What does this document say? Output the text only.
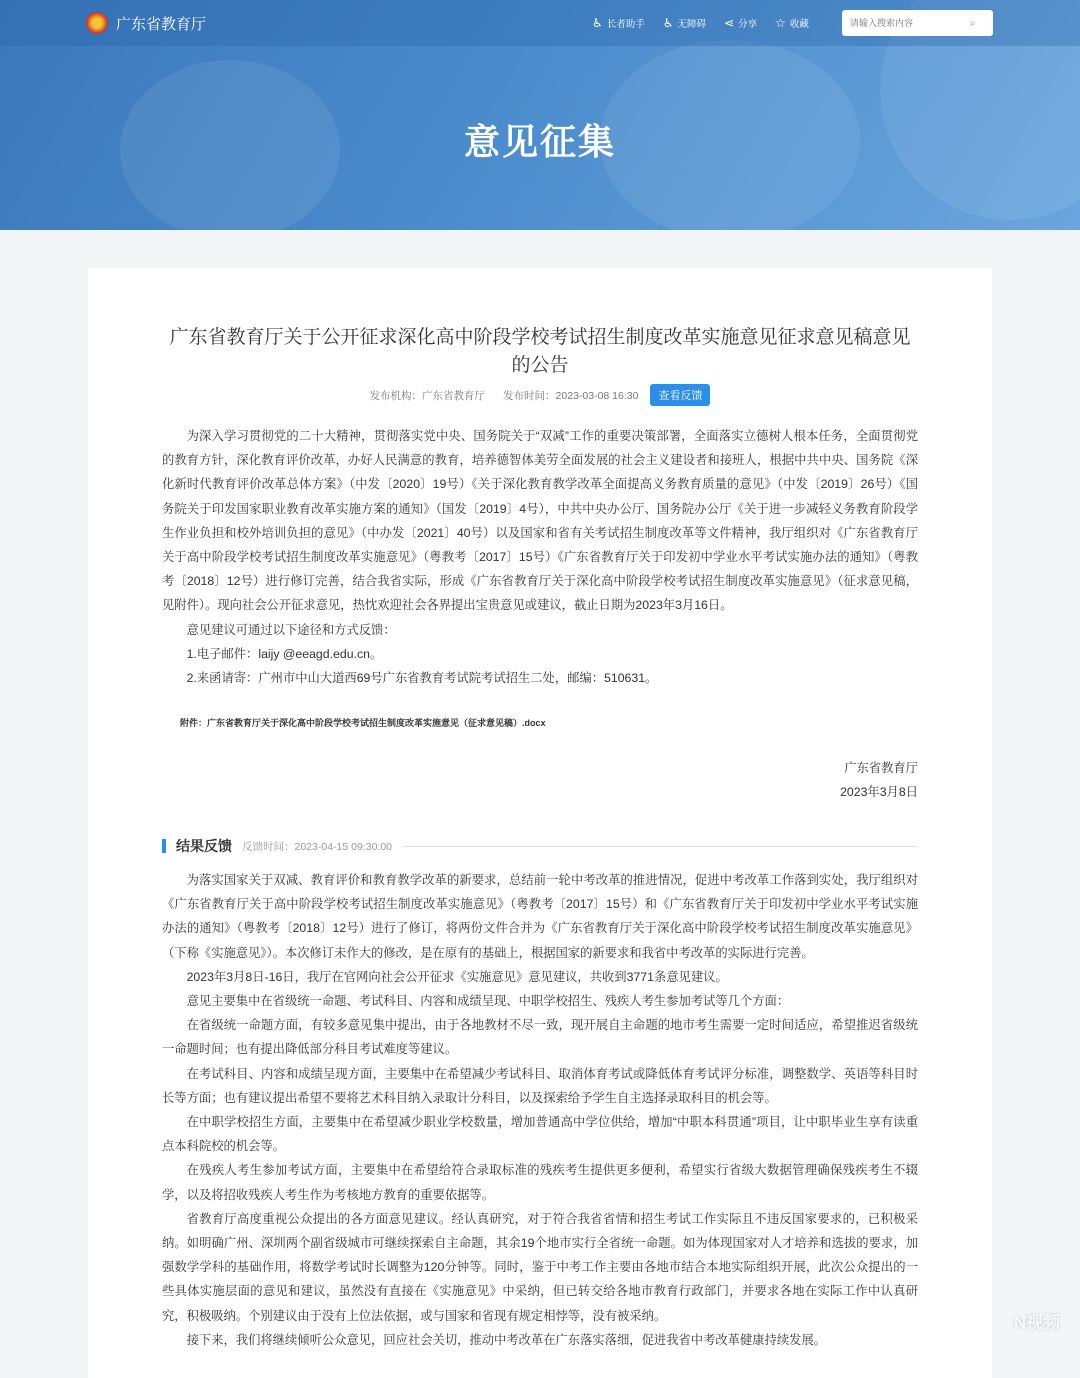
广东省教育厅	♿︎ 长者助手 ♿ 无障碍 ⋖ 分享 ☆ 收藏
请输入搜索内容	⌕
意见征集
广东省教育厅关于公开征求深化高中阶段学校考试招生制度改革实施意见征求意见稿意见的公告
发布机构：广东省教育厅 发布时间：2023-03-08 16:30	查看反馈

为深入学习贯彻党的二十大精神，贯彻落实党中央、国务院关于“双减”工作的重要决策部署，全面落实立德树人根本任务，全面贯彻党的教育方针，深化教育评价改革，办好人民满意的教育，培养德智体美劳全面发展的社会主义建设者和接班人，根据中共中央、国务院《深化新时代教育评价改革总体方案》（中发〔2020〕19号）《关于深化教育教学改革全面提高义务教育质量的意见》（中发〔2019〕26号）《国务院关于印发国家职业教育改革实施方案的通知》（国发〔2019〕4号），中共中央办公厅、国务院办公厅《关于进一步减轻义务教育阶段学生作业负担和校外培训负担的意见》（中办发〔2021〕40号）以及国家和省有关考试招生制度改革等文件精神，我厅组织对《广东省教育厅关于高中阶段学校考试招生制度改革实施意见》（粤教考〔2017〕15号）《广东省教育厅关于印发初中学业水平考试实施办法的通知》（粤教考〔2018〕12号）进行修订完善，结合我省实际，形成《广东省教育厅关于深化高中阶段学校考试招生制度改革实施意见》（征求意见稿，见附件）。现向社会公开征求意见，热忱欢迎社会各界提出宝贵意见或建议，截止日期为2023年3月16日。

意见建议可通过以下途径和方式反馈：

1.电子邮件：laijy @eeagd.edu.cn。

2.来函请寄：广州市中山大道西69号广东省教育考试院考试招生二处，邮编：510631。

附件：广东省教育厅关于深化高中阶段学校考试招生制度改革实施意见（征求意见稿）.docx
广东省教育厅
2023年3月8日
结果反馈 反馈时间：2023-04-15 09:30:00

为落实国家关于双减、教育评价和教育教学改革的新要求，总结前一轮中考改革的推进情况，促进中考改革工作落到实处，我厅组织对《广东省教育厅关于高中阶段学校考试招生制度改革实施意见》（粤教考〔2017〕15号）和《广东省教育厅关于印发初中学业水平考试实施办法的通知》（粤教考〔2018〕12号）进行了修订，将两份文件合并为《广东省教育厅关于深化高中阶段学校考试招生制度改革实施意见》（下称《实施意见》）。本次修订未作大的修改，是在原有的基础上，根据国家的新要求和我省中考改革的实际进行完善。

2023年3月8日-16日，我厅在官网向社会公开征求《实施意见》意见建议，共收到3771条意见建议。

意见主要集中在省级统一命题、考试科目、内容和成绩呈现、中职学校招生、残疾人考生参加考试等几个方面：

在省级统一命题方面，有较多意见集中提出，由于各地教材不尽一致，现开展自主命题的地市考生需要一定时间适应，希望推迟省级统一命题时间；也有提出降低部分科目考试难度等建议。

在考试科目、内容和成绩呈现方面，主要集中在希望减少考试科目、取消体育考试或降低体育考试评分标准，调整数学、英语等科目时长等方面；也有建议提出希望不要将艺术科目纳入录取计分科目，以及探索给予学生自主选择录取科目的机会等。

在中职学校招生方面，主要集中在希望减少职业学校数量，增加普通高中学位供给，增加“中职本科贯通”项目，让中职毕业生享有读重点本科院校的机会等。

在残疾人考生参加考试方面，主要集中在希望给符合录取标准的残疾考生提供更多便利，希望实行省级大数据管理确保残疾考生不辍学，以及将招收残疾人考生作为考核地方教育的重要依据等。

省教育厅高度重视公众提出的各方面意见建议。经认真研究，对于符合我省省情和招生考试工作实际且不违反国家要求的，已积极采纳。如明确广州、深圳两个副省级城市可继续探索自主命题，其余19个地市实行全省统一命题。如为体现国家对人才培养和选拔的要求，加强数学学科的基础作用，将数学考试时长调整为120分钟等。同时，鉴于中考工作主要由各地市结合本地实际组织开展，此次公众提出的一些具体实施层面的意见和建议，虽然没有直接在《实施意见》中采纳，但已转交给各地市教育行政部门，并要求各地在实际工作中认真研究，积极吸纳。个别建议由于没有上位法依据，或与国家和省现有规定相悖等，没有被采纳。

接下来，我们将继续倾听公众意见，回应社会关切，推动中考改革在广东落实落细，促进我省中考改革健康持续发展。

N视频
